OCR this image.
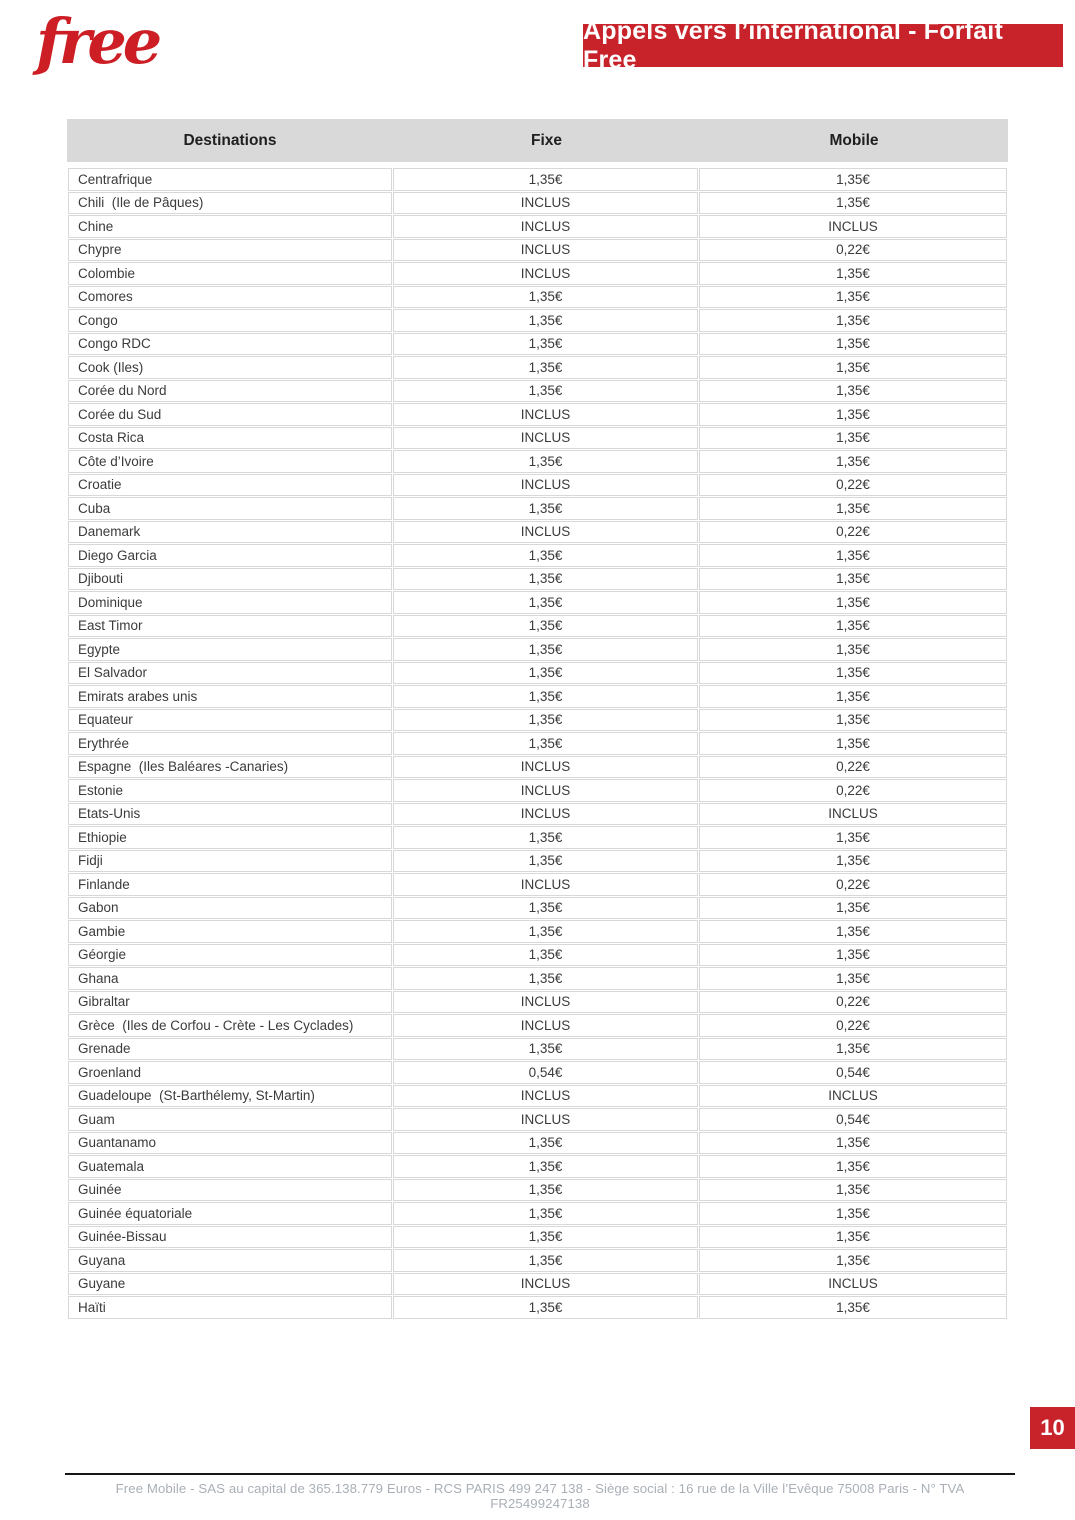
free	Appels vers l’international - Forfait Free
Destinations	Fixe	Mobile
Centrafrique	1,35€	1,35€
Chili  (Ile de Pâques)	INCLUS	1,35€
Chine	INCLUS	INCLUS
Chypre	INCLUS	0,22€
Colombie	INCLUS	1,35€
Comores	1,35€	1,35€
Congo	1,35€	1,35€
Congo RDC	1,35€	1,35€
Cook (Iles)	1,35€	1,35€
Corée du Nord	1,35€	1,35€
Corée du Sud	INCLUS	1,35€
Costa Rica	INCLUS	1,35€
Côte d’Ivoire	1,35€	1,35€
Croatie	INCLUS	0,22€
Cuba	1,35€	1,35€
Danemark	INCLUS	0,22€
Diego Garcia	1,35€	1,35€
Djibouti	1,35€	1,35€
Dominique	1,35€	1,35€
East Timor	1,35€	1,35€
Egypte	1,35€	1,35€
El Salvador	1,35€	1,35€
Emirats arabes unis	1,35€	1,35€
Equateur	1,35€	1,35€
Erythrée	1,35€	1,35€
Espagne  (Iles Baléares -Canaries)	INCLUS	0,22€
Estonie	INCLUS	0,22€
Etats-Unis	INCLUS	INCLUS
Ethiopie	1,35€	1,35€
Fidji	1,35€	1,35€
Finlande	INCLUS	0,22€
Gabon	1,35€	1,35€
Gambie	1,35€	1,35€
Géorgie	1,35€	1,35€
Ghana	1,35€	1,35€
Gibraltar	INCLUS	0,22€
Grèce  (Iles de Corfou - Crète - Les Cyclades)	INCLUS	0,22€
Grenade	1,35€	1,35€
Groenland	0,54€	0,54€
Guadeloupe  (St-Barthélemy, St-Martin)	INCLUS	INCLUS
Guam	INCLUS	0,54€
Guantanamo	1,35€	1,35€
Guatemala	1,35€	1,35€
Guinée	1,35€	1,35€
Guinée équatoriale	1,35€	1,35€
Guinée-Bissau	1,35€	1,35€
Guyana	1,35€	1,35€
Guyane	INCLUS	INCLUS
Haïti	1,35€	1,35€
10
Free Mobile - SAS au capital de 365.138.779 Euros - RCS PARIS 499 247 138 - Siège social : 16 rue de la Ville l’Evêque 75008 Paris - N° TVA FR25499247138
